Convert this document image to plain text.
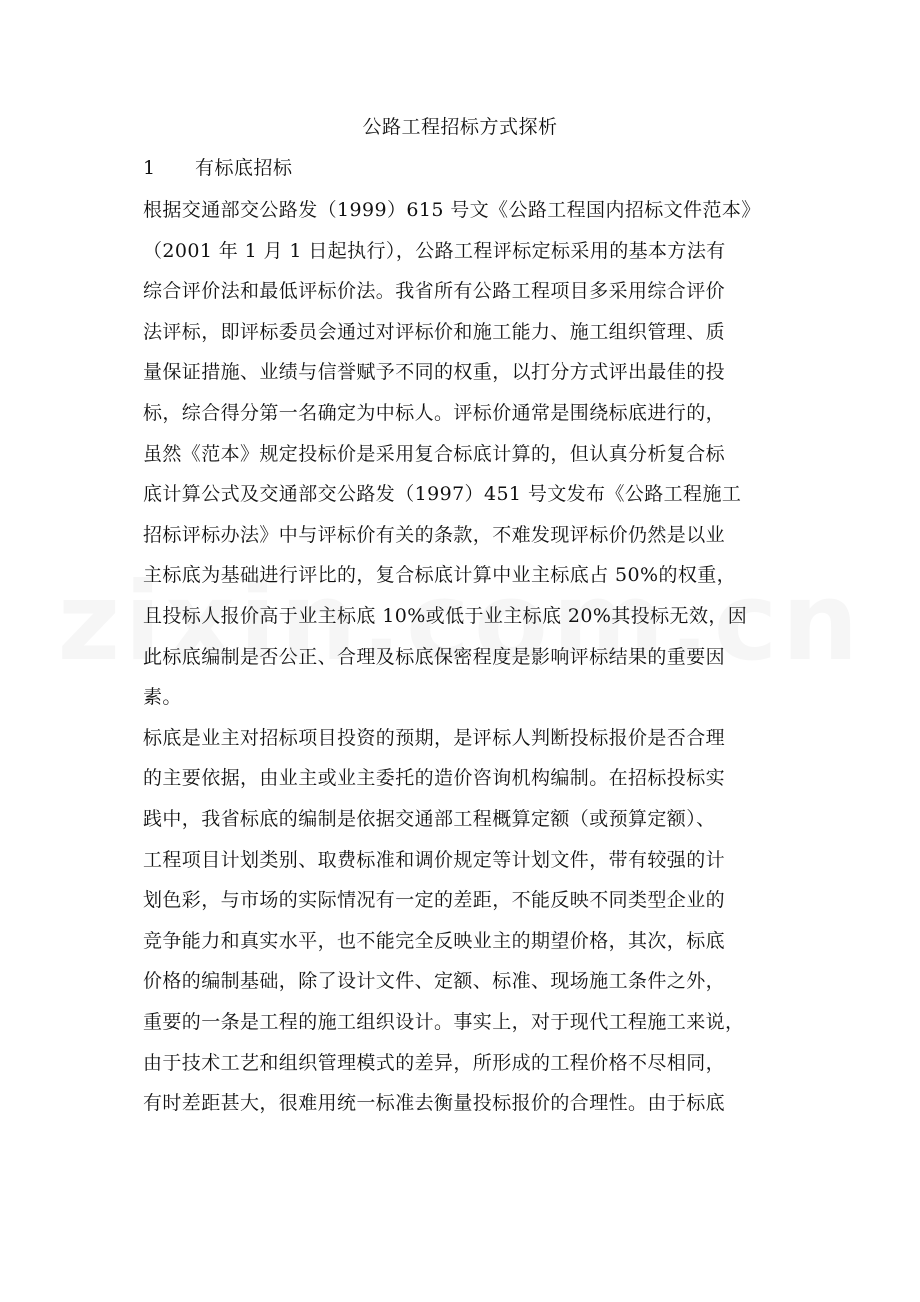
公路工程招标方式探析
1 有标底招标
根据交通部交公路发（1999）615 号文《公路工程国内招标文件范本》
（2001 年 1 月 1 日起执行），公路工程评标定标采用的基本方法有
综合评价法和最低评标价法。我省所有公路工程项目多采用综合评价
法评标，即评标委员会通过对评标价和施工能力、施工组织管理、质
量保证措施、业绩与信誉赋予不同的权重，以打分方式评出最佳的投
标，综合得分第一名确定为中标人。评标价通常是围绕标底进行的，
虽然《范本》规定投标价是采用复合标底计算的，但认真分析复合标
底计算公式及交通部交公路发（1997）451 号文发布《公路工程施工
招标评标办法》中与评标价有关的条款，不难发现评标价仍然是以业
主标底为基础进行评比的，复合标底计算中业主标底占 50%的权重，
且投标人报价高于业主标底 10%或低于业主标底 20%其投标无效，因
此标底编制是否公正、合理及标底保密程度是影响评标结果的重要因
素。
标底是业主对招标项目投资的预期，是评标人判断投标报价是否合理
的主要依据，由业主或业主委托的造价咨询机构编制。在招标投标实
践中，我省标底的编制是依据交通部工程概算定额（或预算定额）、
工程项目计划类别、取费标准和调价规定等计划文件，带有较强的计
划色彩，与市场的实际情况有一定的差距，不能反映不同类型企业的
竞争能力和真实水平，也不能完全反映业主的期望价格，其次，标底
价格的编制基础，除了设计文件、定额、标准、现场施工条件之外，
重要的一条是工程的施工组织设计。事实上，对于现代工程施工来说，
由于技术工艺和组织管理模式的差异，所形成的工程价格不尽相同，
有时差距甚大，很难用统一标准去衡量投标报价的合理性。由于标底
